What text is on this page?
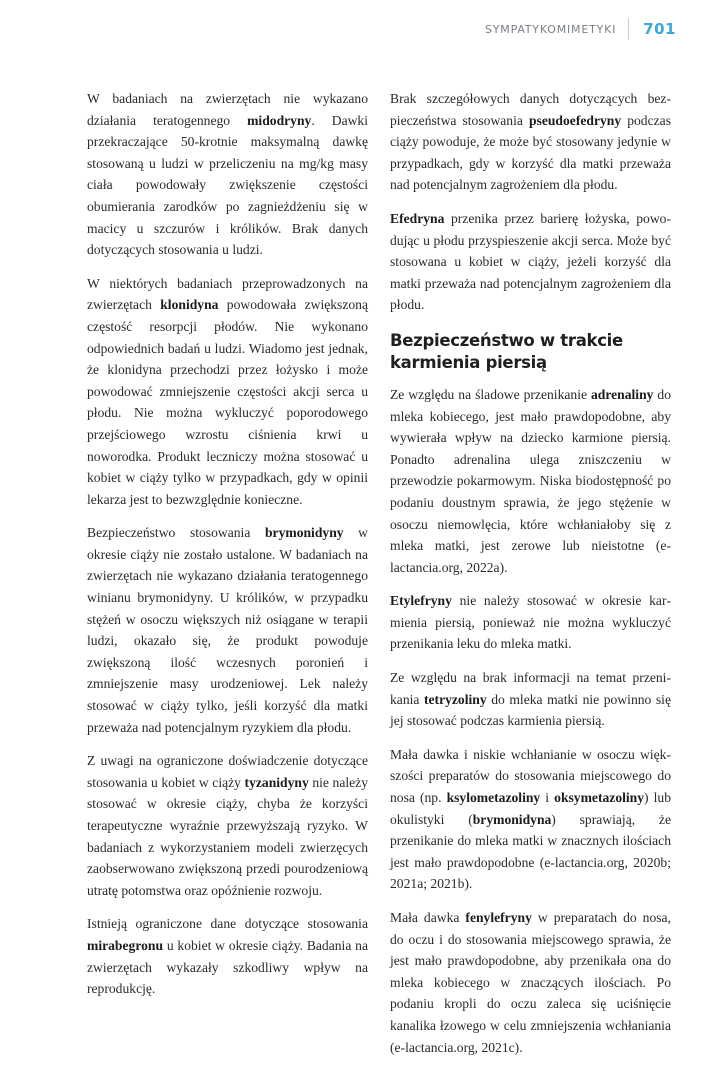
SYMPATYKOMIMETYKI 701

W badaniach na zwierzętach nie wykazano działania teratogennego midodryny. Dawki przekraczające 50-krotnie maksymalną dawkę stosowaną u ludzi w przeliczeniu na mg/kg masy ciała powodowały zwiększenie częstości obumierania zarodków po zagnieżdżeniu się w macicy u szczurów i królików. Brak danych dotyczących stosowania u ludzi.

W niektórych badaniach przeprowadzonych na zwierzętach klonidyna powodowała zwiększoną częstość resorpcji płodów. Nie wykonano odpowiednich badań u ludzi. Wiadomo jest jednak, że klonidyna przechodzi przez łożysko i może powodować zmniejszenie częstości akcji serca u płodu. Nie można wykluczyć poporodowego przejściowego wzrostu ciśnienia krwi u noworodka. Produkt leczniczy można stosować u kobiet w ciąży tylko w przypadkach, gdy w opinii lekarza jest to bezwzględnie konieczne.

Bezpieczeństwo stosowania brymonidyny w okresie ciąży nie zostało ustalone. W badaniach na zwierzętach nie wykazano działania teratogennego winianu brymonidyny. U królików, w przypadku stężeń w osoczu większych niż osiągane w terapii ludzi, okazało się, że produkt powoduje zwiększoną ilość wczesnych poronień i zmniejszenie masy urodzeniowej. Lek należy stosować w ciąży tylko, jeśli korzyść dla matki przeważa nad potencjalnym ryzykiem dla płodu.

Z uwagi na ograniczone doświadczenie dotyczące stosowania u kobiet w ciąży tyzanidyny nie należy stosować w okresie ciąży, chyba że korzyści terapeutyczne wyraźnie przewyższają ryzyko. W badaniach z wykorzystaniem modeli zwierzęcych zaobserwowano zwiększoną przedi pourodzeniową utratę potomstwa oraz opóźnienie rozwoju.

Istnieją ograniczone dane dotyczące stosowania mirabegronu u kobiet w okresie ciąży. Badania na zwierzętach wykazały szkodliwy wpływ na reprodukcję.

Brak szczegółowych danych dotyczących bezpieczeństwa stosowania pseudoefedryny podczas ciąży powoduje, że może być stosowany jedynie w przypadkach, gdy w korzyść dla matki przeważa nad potencjalnym zagrożeniem dla płodu.

Efedryna przenika przez barierę łożyska, powodując u płodu przyspieszenie akcji serca. Może być stosowana u kobiet w ciąży, jeżeli korzyść dla matki przeważa nad potencjalnym zagrożeniem dla płodu.

Bezpieczeństwo w trakcie karmienia piersią

Ze względu na śladowe przenikanie adrenaliny do mleka kobiecego, jest mało prawdopodobne, aby wywierała wpływ na dziecko karmione piersią. Ponadto adrenalina ulega zniszczeniu w przewodzie pokarmowym. Niska biodostępność po podaniu doustnym sprawia, że jego stężenie w osoczu niemowlęcia, które wchłaniałoby się z mleka matki, jest zerowe lub nieistotne (e-lactancia.org, 2022a).

Etylefryny nie należy stosować w okresie karmienia piersią, ponieważ nie można wykluczyć przenikania leku do mleka matki.

Ze względu na brak informacji na temat przenikania tetryzoliny do mleka matki nie powinno się jej stosować podczas karmienia piersią.

Mała dawka i niskie wchłanianie w osoczu większości preparatów do stosowania miejscowego do nosa (np. ksylometazoliny i oksymetazoliny) lub okulistyki (brymonidyna) sprawiają, że przenikanie do mleka matki w znacznych ilościach jest mało prawdopodobne (e-lactancia.org, 2020b; 2021a; 2021b).

Mała dawka fenylefryny w preparatach do nosa, do oczu i do stosowania miejscowego sprawia, że jest mało prawdopodobne, aby przenikała ona do mleka kobiecego w znaczących ilościach. Po podaniu kropli do oczu zaleca się uciśnięcie kanalika łzowego w celu zmniejszenia wchłaniania (e-lactancia.org, 2021c).
